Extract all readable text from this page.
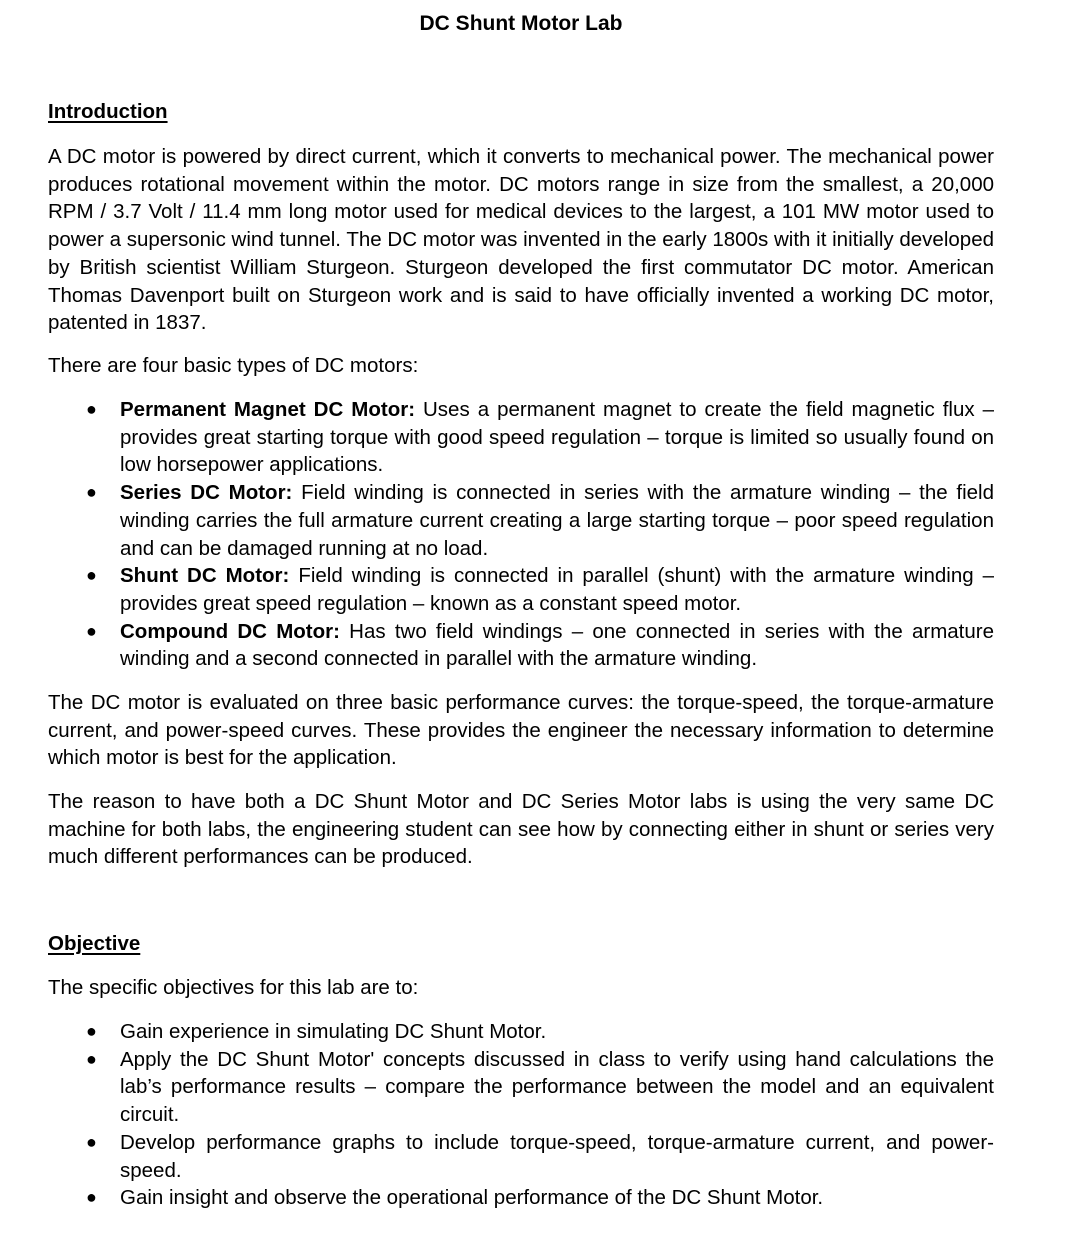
DC Shunt Motor Lab
Introduction

A DC motor is powered by direct current, which it converts to mechanical power. The mechanical power produces rotational movement within the motor. DC motors range in size from the smallest, a 20,000 RPM / 3.7 Volt / 11.4 mm long motor used for medical devices to the largest, a 101 MW motor used to power a supersonic wind tunnel. The DC motor was invented in the early 1800s with it initially developed by British scientist William Sturgeon. Sturgeon developed the first commutator DC motor. American Thomas Davenport built on Sturgeon work and is said to have officially invented a working DC motor, patented in 1837.

There are four basic types of DC motors:

● Permanent Magnet DC Motor: Uses a permanent magnet to create the field magnetic flux – provides great starting torque with good speed regulation – torque is limited so usually found on low horsepower applications.
● Series DC Motor: Field winding is connected in series with the armature winding – the field winding carries the full armature current creating a large starting torque – poor speed regulation and can be damaged running at no load.
● Shunt DC Motor: Field winding is connected in parallel (shunt) with the armature winding – provides great speed regulation – known as a constant speed motor.
● Compound DC Motor: Has two field windings – one connected in series with the armature winding and a second connected in parallel with the armature winding.

The DC motor is evaluated on three basic performance curves: the torque-speed, the torque-armature current, and power-speed curves. These provides the engineer the necessary information to determine which motor is best for the application.

The reason to have both a DC Shunt Motor and DC Series Motor labs is using the very same DC machine for both labs, the engineering student can see how by connecting either in shunt or series very much different performances can be produced.

Objective

The specific objectives for this lab are to:

● Gain experience in simulating DC Shunt Motor.
● Apply the DC Shunt Motor' concepts discussed in class to verify using hand calculations the lab’s performance results – compare the performance between the model and an equivalent circuit.
● Develop performance graphs to include torque-speed, torque-armature current, and power-speed.
● Gain insight and observe the operational performance of the DC Shunt Motor.
